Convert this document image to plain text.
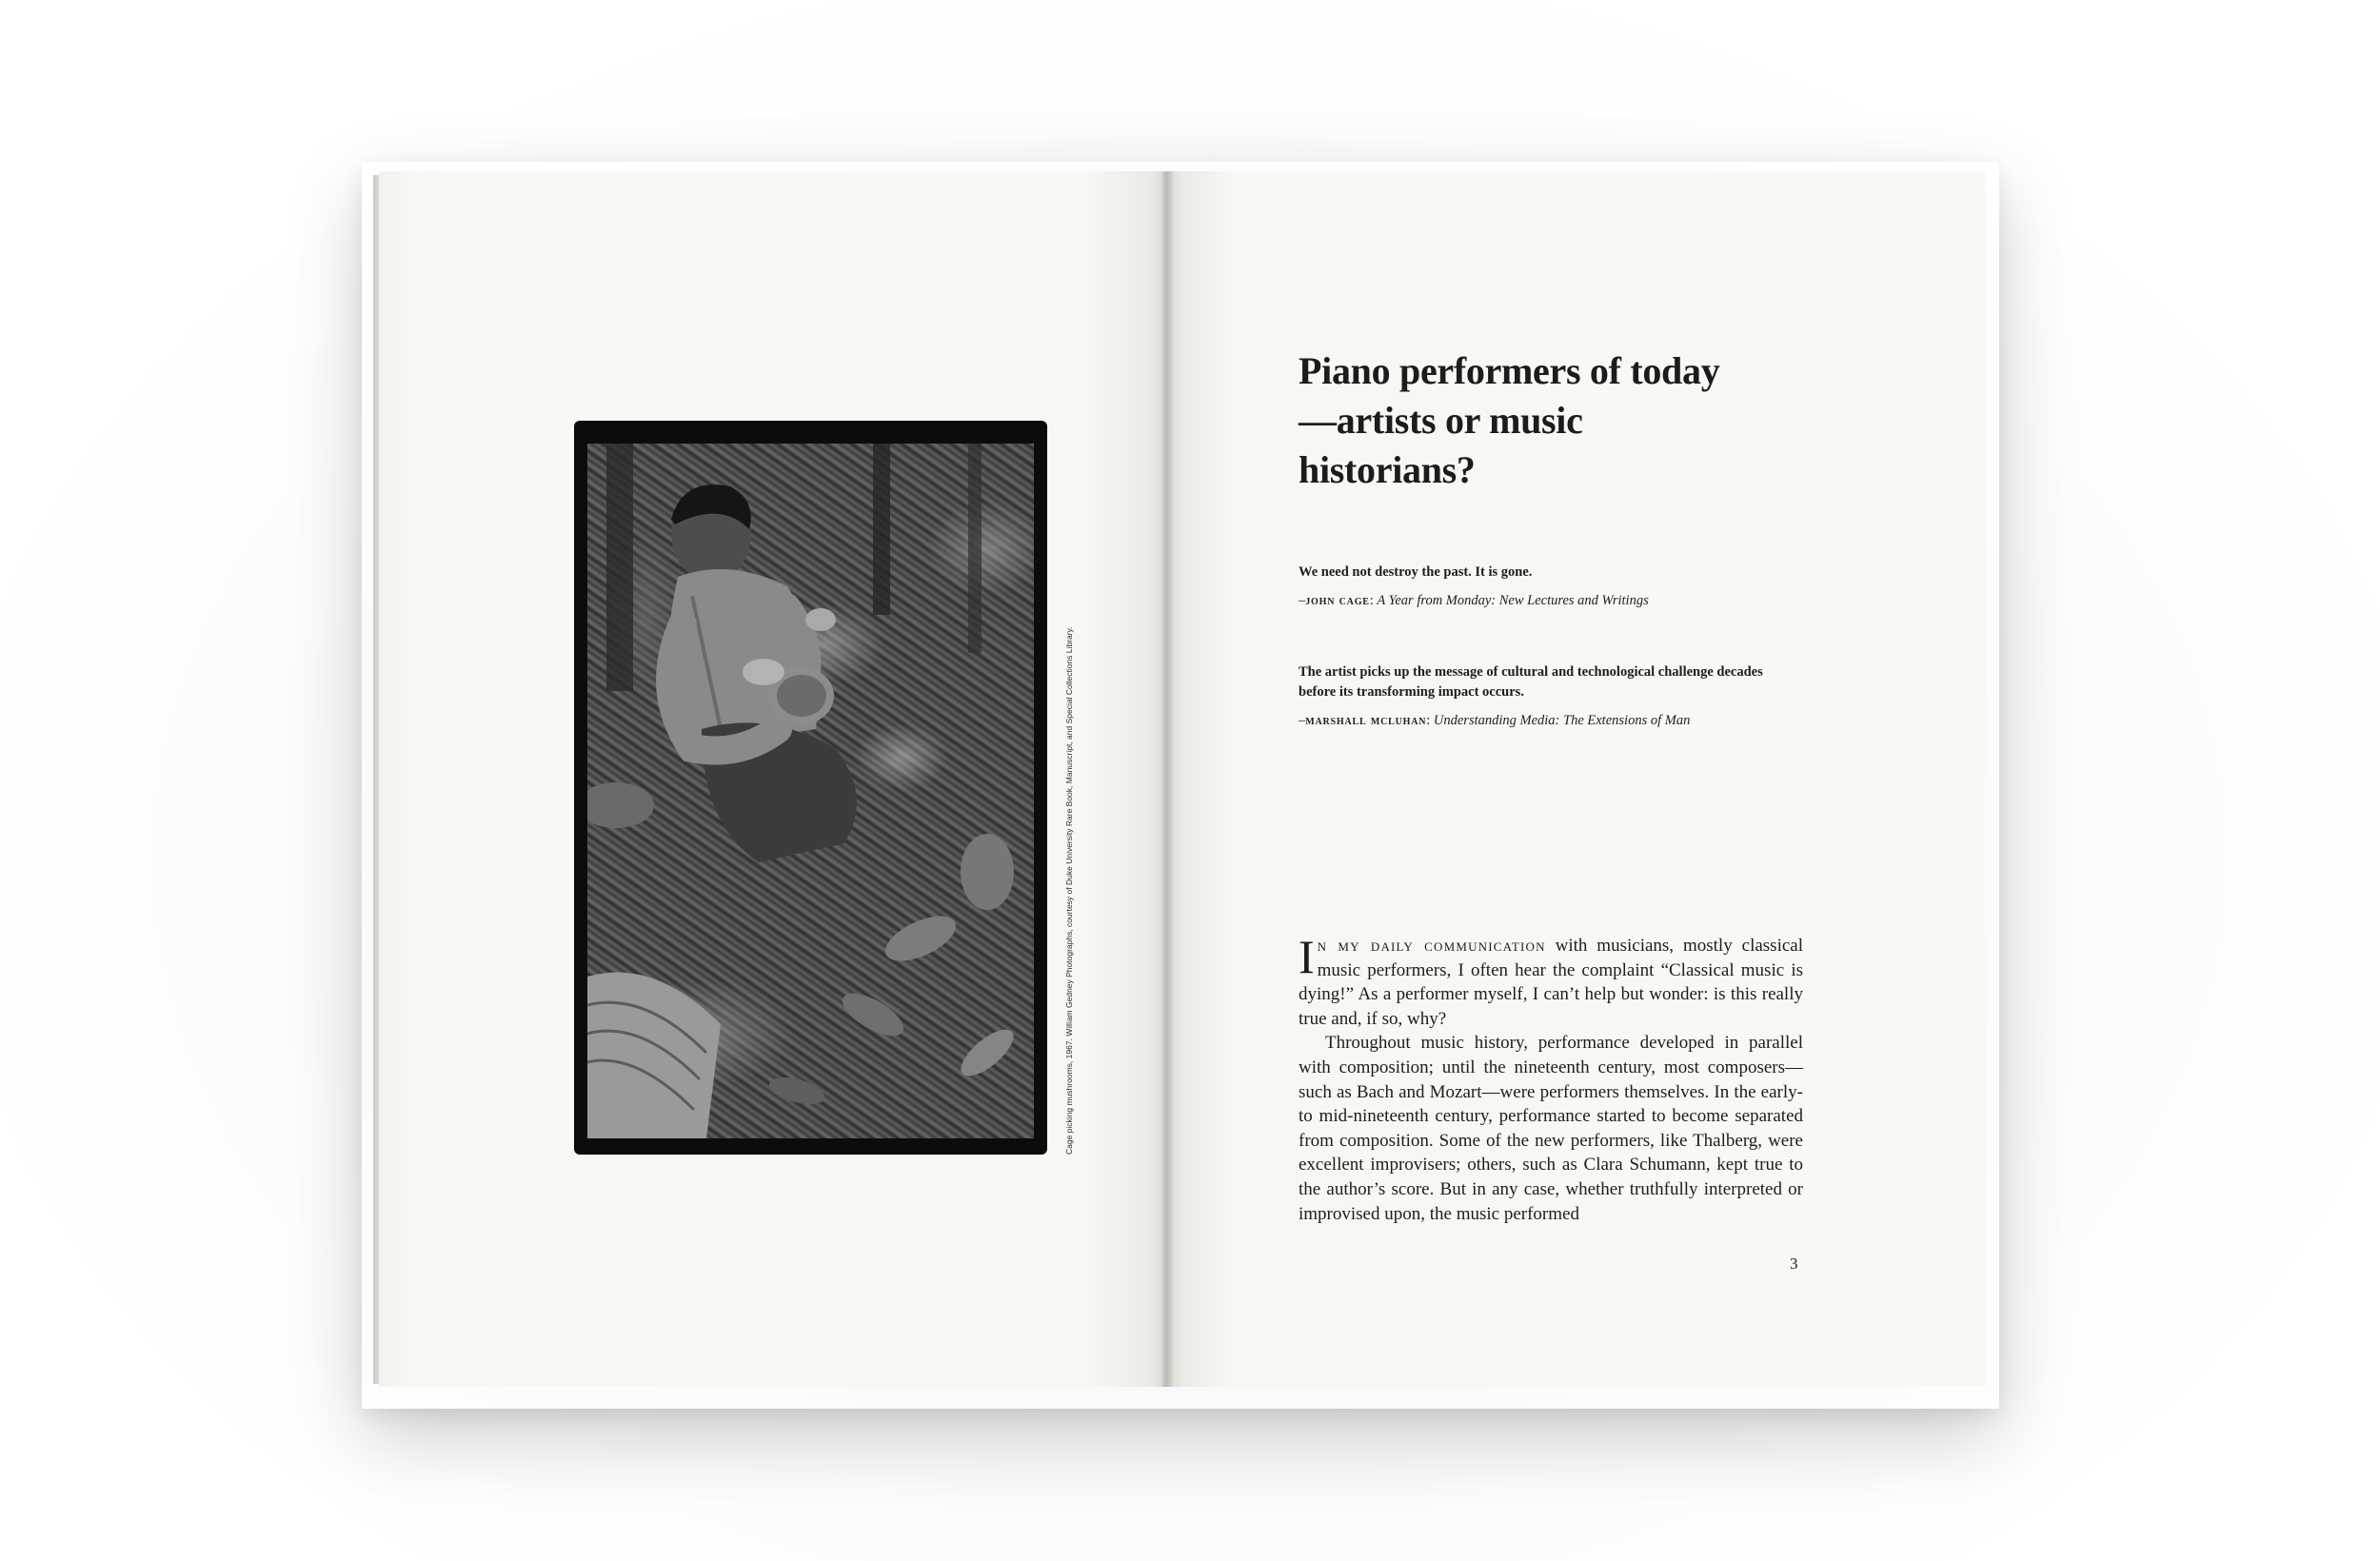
Cage picking mushrooms, 1967. William Gedney Photographs, courtesy of Duke University Rare Book, Manuscript, and Special Collections Library.
Piano performers of today—artists or music historians?

We need not destroy the past. It is gone.

–john cage: A Year from Monday: New Lectures and Writings

The artist picks up the message of cultural and technological challenge decades before its transforming impact occurs.

–marshall mcluhan: Understanding Media: The Extensions of Man

In my daily communication with musicians, mostly classical music performers, I often hear the complaint “Classical music is dying!” As a performer myself, I can’t help but wonder: is this really true and, if so, why?

Throughout music history, performance developed in parallel with composition; until the nineteenth century, most composers—such as Bach and Mozart—were performers themselves. In the early- to mid-nineteenth century, performance started to become separated from composition. Some of the new performers, like Thalberg, were excellent improvisers; others, such as Clara Schumann, kept true to the author’s score. But in any case, whether truthfully interpreted or improvised upon, the music performed

3
